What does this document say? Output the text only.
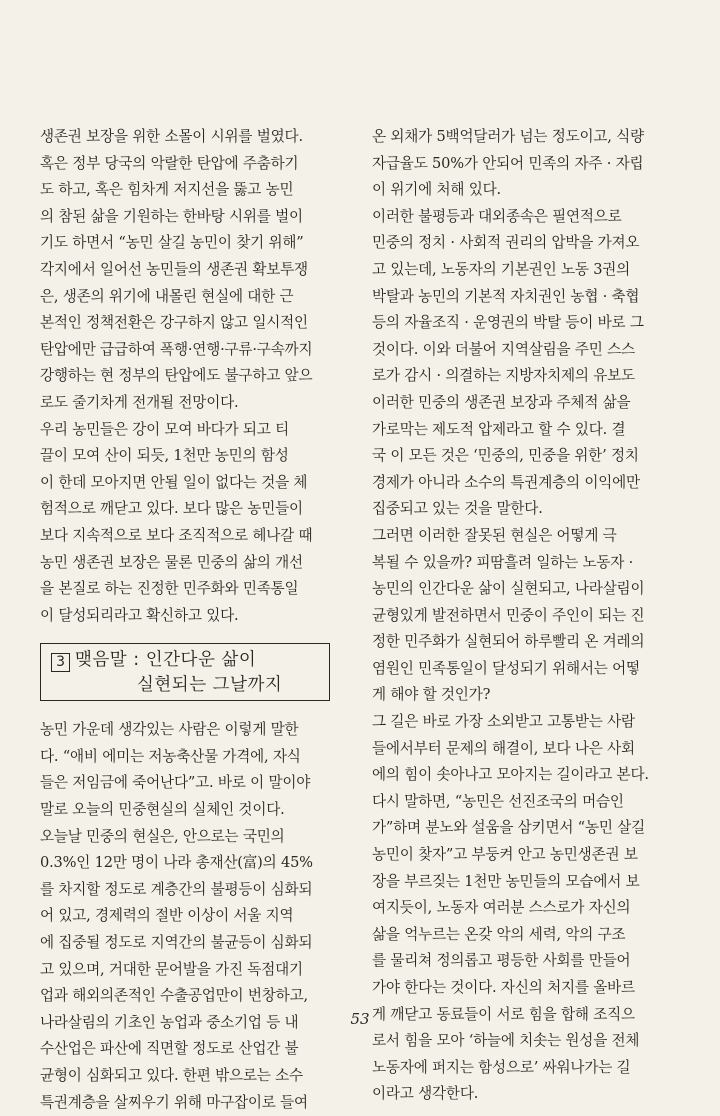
생존권 보장을 위한 소몰이 시위를 벌였다.
혹은 정부 당국의 악랄한 탄압에 주춤하기
도 하고, 혹은 힘차게 저지선을 뚫고 농민
의 참된 삶을 기원하는 한바탕 시위를 벌이
기도 하면서 “농민 살길 농민이 찾기 위해”
각지에서 일어선 농민들의 생존권 확보투쟁
은, 생존의 위기에 내몰린 현실에 대한 근
본적인 정책전환은 강구하지 않고 일시적인
탄압에만 급급하여 폭행·연행·구류·구속까지
강행하는 현 정부의 탄압에도 불구하고 앞으
로도 줄기차게 전개될 전망이다.
우리 농민들은 강이 모여 바다가 되고 티
끌이 모여 산이 되듯, 1천만 농민의 함성
이 한데 모아지면 안될 일이 없다는 것을 체
험적으로 깨닫고 있다. 보다 많은 농민들이
보다 지속적으로 보다 조직적으로 헤나갈 때
농민 생존권 보장은 물론 민중의 삶의 개선
을 본질로 하는 진정한 민주화와 민족통일
이 달성되리라고 확신하고 있다.
3 맺음말 : 인간다운 삶이
실현되는 그날까지
농민 가운데 생각있는 사람은 이렇게 말한
다. “애비 에미는 저농축산물 가격에, 자식
들은 저임금에 죽어난다”고. 바로 이 말이야
말로 오늘의 민중현실의 실체인 것이다.
오늘날 민중의 현실은, 안으로는 국민의
0.3%인 12만 명이 나라 총재산(富)의 45%
를 차지할 정도로 계층간의 불평등이 심화되
어 있고, 경제력의 절반 이상이 서울 지역
에 집중될 정도로 지역간의 불균등이 심화되
고 있으며, 거대한 문어발을 가진 독점대기
업과 해외의존적인 수출공업만이 번창하고,
나라살림의 기초인 농업과 중소기업 등 내
수산업은 파산에 직면할 정도로 산업간 불
균형이 심화되고 있다. 한편 밖으로는 소수
특권계층을 살찌우기 위해 마구잡이로 들여
온 외채가 5백억달러가 넘는 정도이고, 식량
자급율도 50%가 안되어 민족의 자주 · 자립
이 위기에 처해 있다.
이러한 불평등과 대외종속은 필연적으로
민중의 정치 · 사회적 권리의 압박을 가져오
고 있는데, 노동자의 기본권인 노동 3권의
박탈과 농민의 기본적 자치권인 농협 · 축협
등의 자율조직 · 운영권의 박탈 등이 바로 그
것이다. 이와 더불어 지역살림을 주민 스스
로가 감시 · 의결하는 지방자치제의 유보도
이러한 민중의 생존권 보장과 주체적 삶을
가로막는 제도적 압제라고 할 수 있다. 결
국 이 모든 것은 ‘민중의, 민중을 위한’ 정치
경제가 아니라 소수의 특권계층의 이익에만
집중되고 있는 것을 말한다.
그러면 이러한 잘못된 현실은 어떻게 극
복될 수 있을까? 피땀흘려 일하는 노동자 ·
농민의 인간다운 삶이 실현되고, 나라살림이
균형있게 발전하면서 민중이 주인이 되는 진
정한 민주화가 실현되어 하루빨리 온 겨레의
염원인 민족통일이 달성되기 위해서는 어떻
게 해야 할 것인가?
그 길은 바로 가장 소외받고 고통받는 사람
들에서부터 문제의 해결이, 보다 나은 사회
에의 힘이 솟아나고 모아지는 길이라고 본다.
다시 말하면, “농민은 선진조국의 머슴인
가”하며 분노와 설움을 삼키면서 “농민 살길
농민이 찾자”고 부둥켜 안고 농민생존권 보
장을 부르짖는 1천만 농민들의 모습에서 보
여지듯이, 노동자 여러분 스스로가 자신의
삶을 억누르는 온갖 악의 세력, 악의 구조
를 물리쳐 정의롭고 평등한 사회를 만들어
가야 한다는 것이다. 자신의 처지를 올바르
게 깨닫고 동료들이 서로 힘을 합해 조직으
로서 힘을 모아 ‘하늘에 치솟는 원성을 전체
노동자에 퍼지는 함성으로’ 싸워나가는 길
이라고 생각한다.
53
